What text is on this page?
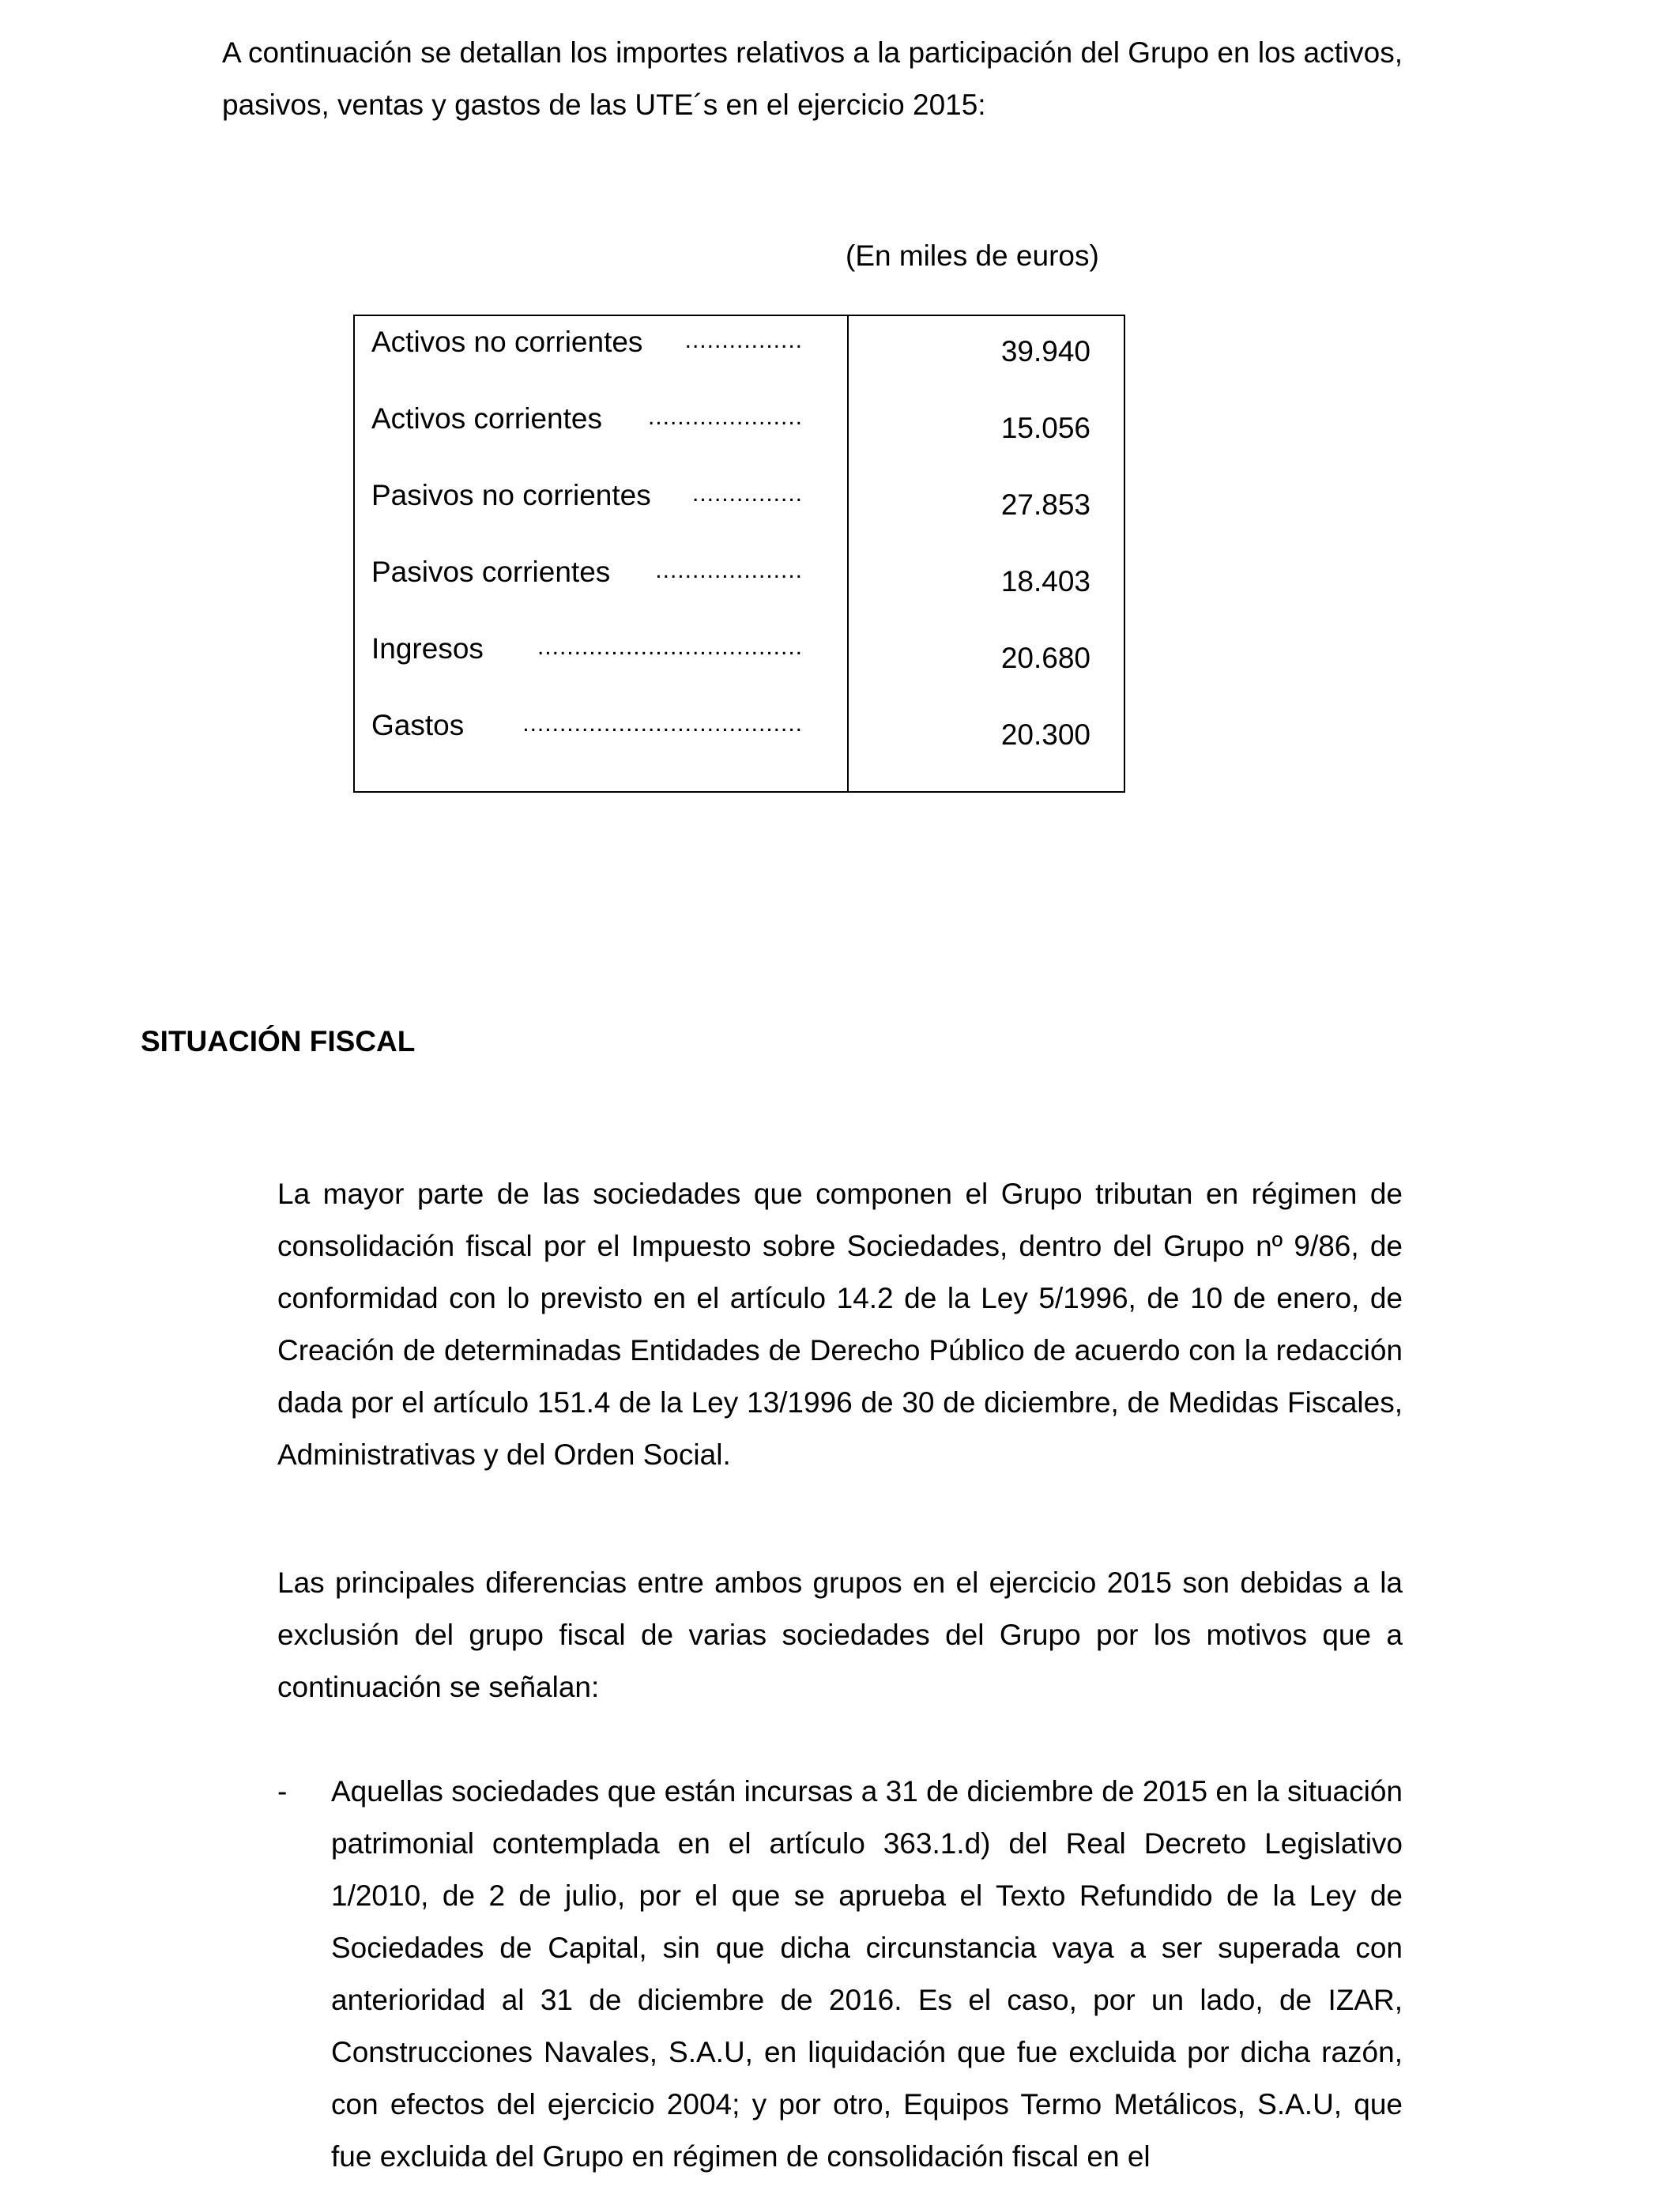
A continuación se detallan los importes relativos a la participación del Grupo en los activos, pasivos, ventas y gastos de las UTE´s en el ejercicio 2015:

(En miles de euros)
Activos no corrientes ................	39.940
Activos corrientes .....................	15.056
Pasivos no corrientes ...............	27.853
Pasivos corrientes ....................	18.403
Ingresos ....................................	20.680
Gastos ......................................	20.300
SITUACIÓN FISCAL

La mayor parte de las sociedades que componen el Grupo tributan en régimen de consolidación fiscal por el Impuesto sobre Sociedades, dentro del Grupo nº 9/86, de conformidad con lo previsto en el artículo 14.2 de la Ley 5/1996, de 10 de enero, de Creación de determinadas Entidades de Derecho Público de acuerdo con la redacción dada por el artículo 151.4 de la Ley 13/1996 de 30 de diciembre, de Medidas Fiscales, Administrativas y del Orden Social.

Las principales diferencias entre ambos grupos en el ejercicio 2015 son debidas a la exclusión del grupo fiscal de varias sociedades del Grupo por los motivos que a continuación se señalan:

- Aquellas sociedades que están incursas a 31 de diciembre de 2015 en la situación patrimonial contemplada en el artículo 363.1.d) del Real Decreto Legislativo 1/2010, de 2 de julio, por el que se aprueba el Texto Refundido de la Ley de Sociedades de Capital, sin que dicha circunstancia vaya a ser superada con anterioridad al 31 de diciembre de 2016. Es el caso, por un lado, de IZAR, Construcciones Navales, S.A.U, en liquidación que fue excluida por dicha razón, con efectos del ejercicio 2004; y por otro, Equipos Termo Metálicos, S.A.U, que fue excluida del Grupo en régimen de consolidación fiscal en el
